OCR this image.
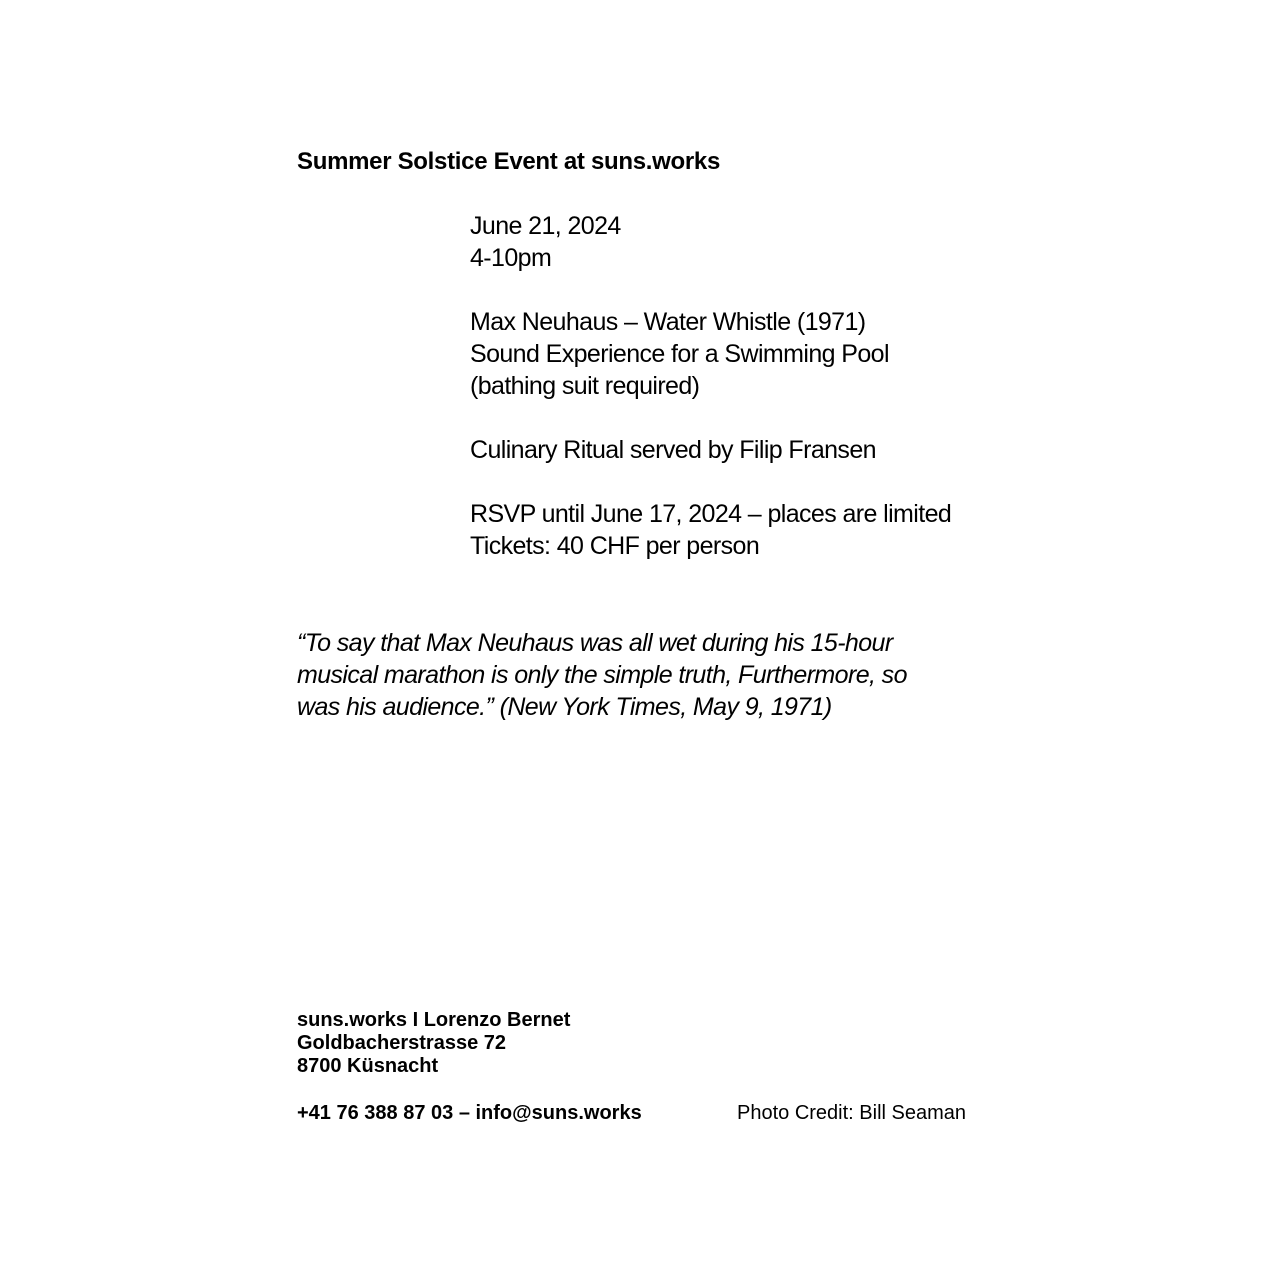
Summer Solstice Event at suns.works
June 21, 2024
4-10pm
Max Neuhaus – Water Whistle (1971)
Sound Experience for a Swimming Pool
(bathing suit required)
Culinary Ritual served by Filip Fransen
RSVP until June 17, 2024 – places are limited
Tickets: 40 CHF per person
“To say that Max Neuhaus was all wet during his 15-hour
musical marathon is only the simple truth, Furthermore, so
was his audience.” (New York Times, May 9, 1971)
suns.works I Lorenzo Bernet
Goldbacherstrasse 72
8700 Küsnacht
+41 76 388 87 03 – info@suns.works	Photo Credit: Bill Seaman
